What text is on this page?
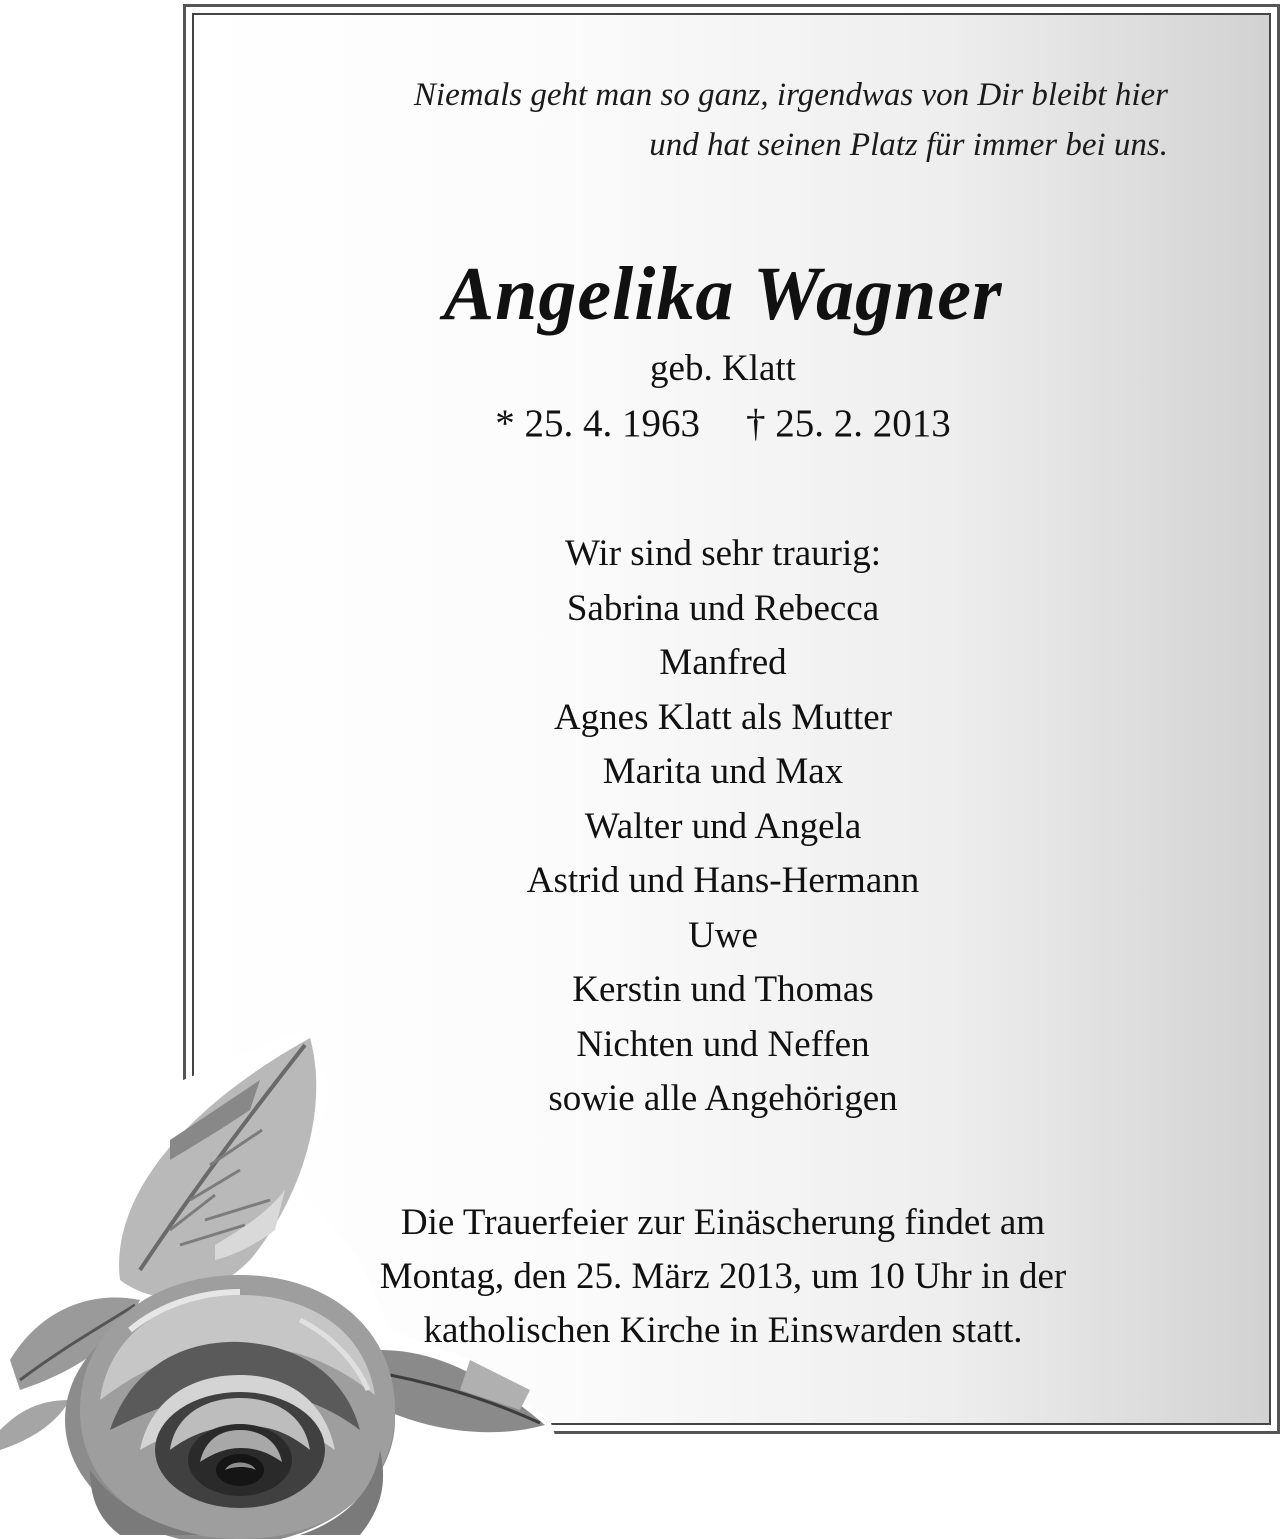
Niemals geht man so ganz, irgendwas von Dir bleibt hier
und hat seinen Platz für immer bei uns.
Angelika Wagner
geb. Klatt
* 25. 4. 1963 † 25. 2. 2013
Wir sind sehr traurig:
Sabrina und Rebecca
Manfred
Agnes Klatt als Mutter
Marita und Max
Walter und Angela
Astrid und Hans-Hermann
Uwe
Kerstin und Thomas
Nichten und Neffen
sowie alle Angehörigen
Die Trauerfeier zur Einäscherung findet am
Montag, den 25. März 2013, um 10 Uhr in der
katholischen Kirche in Einswarden statt.
